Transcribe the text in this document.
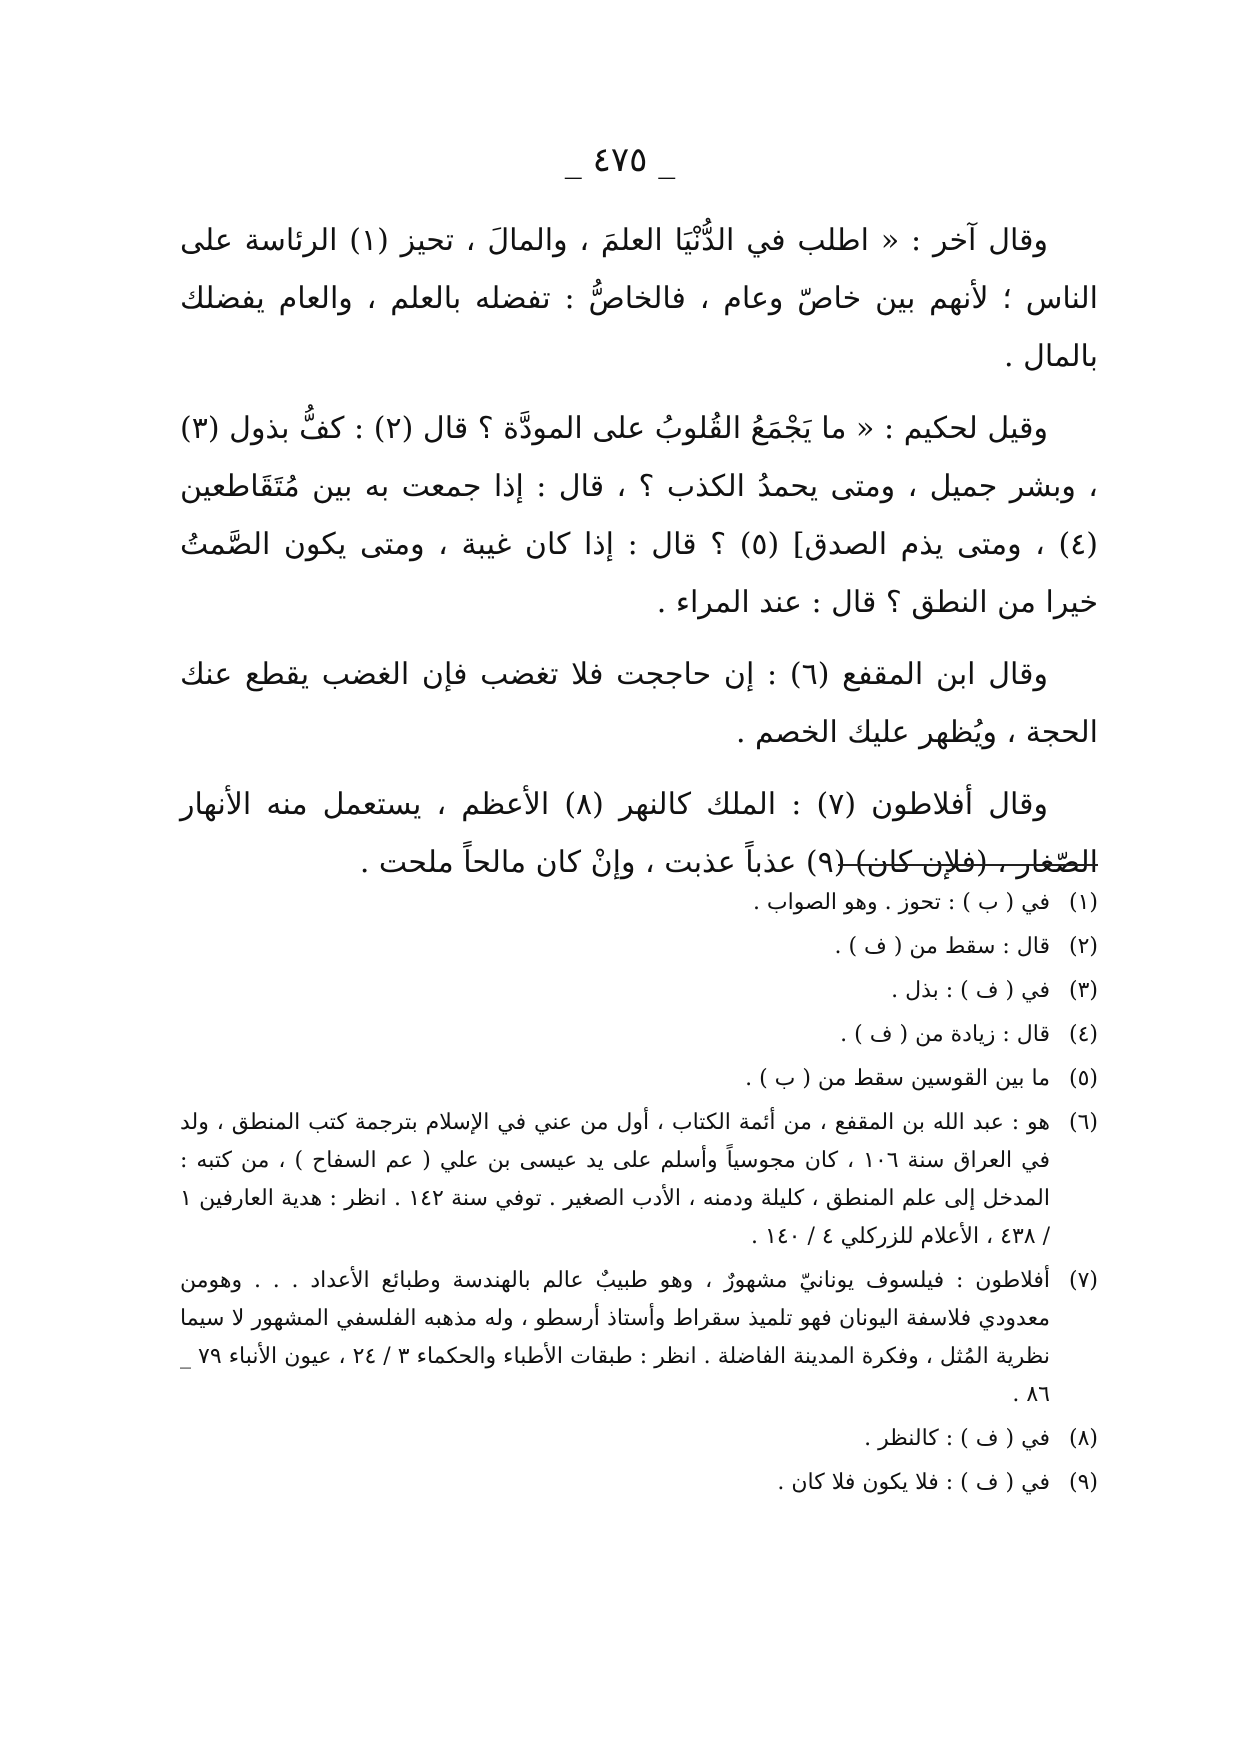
_ ٤٧٥ _

وقال آخر : « اطلب في الدُّنْيَا العلمَ ، والمالَ ، تحيز (١) الرئاسة على الناس ؛ لأنهم بين خاصّ وعام ، فالخاصُّ : تفضله بالعلم ، والعام يفضلك بالمال .

وقيل لحكيم : « ما يَجْمَعُ القُلوبُ على المودَّة ؟ قال (٢) : كفُّ بذول (٣) ، وبشر جميل ، ومتى يحمدُ الكذب ؟ ، قال : إذا جمعت به بين مُتَقَاطعين (٤) ، ومتى يذم الصدق] (٥) ؟ قال : إذا كان غيبة ، ومتى يكون الصَّمتُ خيرا من النطق ؟ قال : عند المراء .

وقال ابن المقفع (٦) : إن حاججت فلا تغضب فإن الغضب يقطع عنك الحجة ، ويُظهر عليك الخصم .

وقال أفلاطون (٧) : الملك كالنهر (٨) الأعظم ، يستعمل منه الأنهار الصّغار ، (فلإن كان) (٩) عذباً عذبت ، وإنْ كان مالحاً ملحت .

(١)في ( ب ) : تحوز . وهو الصواب .

(٢)قال : سقط من ( ف ) .

(٣)في ( ف ) : بذل .

(٤)قال : زيادة من ( ف ) .

(٥)ما بين القوسين سقط من ( ب ) .

(٦)هو : عبد الله بن المقفع ، من أئمة الكتاب ، أول من عني في الإسلام بترجمة كتب المنطق ، ولد في العراق سنة ١٠٦ ، كان مجوسياً وأسلم على يد عيسى بن علي ( عم السفاح ) ، من كتبه : المدخل إلى علم المنطق ، كليلة ودمنه ، الأدب الصغير . توفي سنة ١٤٢ . انظر : هدية العارفين ١ / ٤٣٨ ، الأعلام للزركلي ٤ / ١٤٠ .

(٧)أفلاطون : فيلسوف يونانيّ مشهورٌ ، وهو طبيبٌ عالم بالهندسة وطبائع الأعداد . . . وهومن معدودي فلاسفة اليونان فهو تلميذ سقراط وأستاذ أرسطو ، وله مذهبه الفلسفي المشهور لا سيما نظرية المُثل ، وفكرة المدينة الفاضلة . انظر : طبقات الأطباء والحكماء ٣ / ٢٤ ، عيون الأنباء ٧٩ _ ٨٦ .

(٨)في ( ف ) : كالنظر .

(٩)في ( ف ) : فلا يكون فلا كان .
